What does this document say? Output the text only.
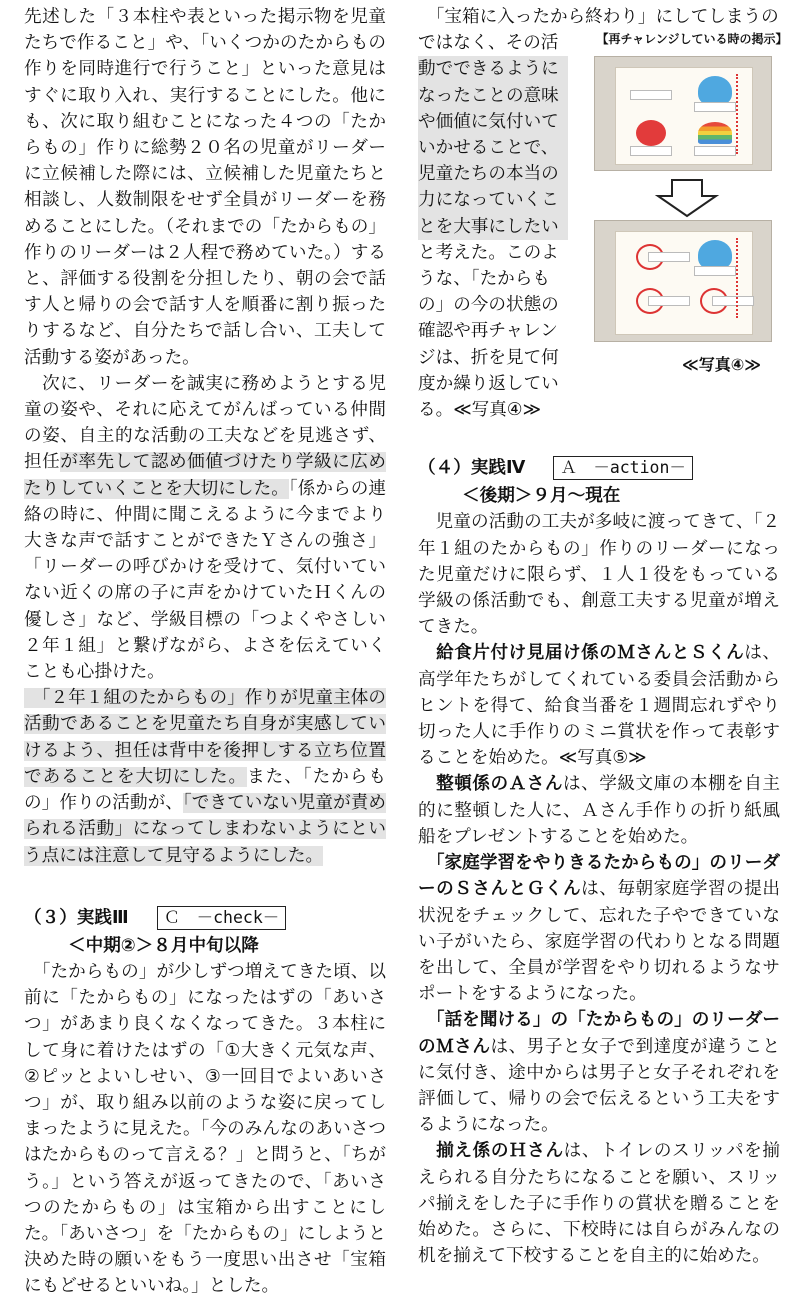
先述した「３本柱や表といった掲示物を児童たちで作ること」や、「いくつかのたからもの作りを同時進行で行うこと」といった意見はすぐに取り入れ、実行することにした。他にも、次に取り組むことになった４つの「たからもの」作りに総勢２０名の児童がリーダーに立候補した際には、立候補した児童たちと相談し、人数制限をせず全員がリーダーを務めることにした。（それまでの「たからもの」作りのリーダーは２人程で務めていた。）すると、評価する役割を分担したり、朝の会で話す人と帰りの会で話す人を順番に割り振ったりするなど、自分たちで話し合い、工夫して活動する姿があった。

　次に、リーダーを誠実に務めようとする児童の姿や、それに応えてがんばっている仲間の姿、自主的な活動の工夫などを見逃さず、担任が率先して認め価値づけたり学級に広めたりしていくことを大切にした。「係からの連絡の時に、仲間に聞こえるように今までより大きな声で話すことができたＹさんの強さ」「リーダーの呼びかけを受けて、気付いていない近くの席の子に声をかけていたＨくんの優しさ」など、学級目標の「つよくやさしい２年１組」と繋げながら、よさを伝えていくことも心掛けた。

　「２年１組のたからもの」作りが児童主体の活動であることを児童たち自身が実感していけるよう、担任は背中を後押しする立ち位置であることを大切にした。また、「たからもの」作りの活動が、「できていない児童が責められる活動」になってしまわないようにという点には注意して見守るようにした。

（３）実践Ⅲ	Ｃ　－check－

＜中期②＞８月中旬以降

　「たからもの」が少しずつ増えてきた頃、以前に「たからもの」になったはずの「あいさつ」があまり良くなくなってきた。３本柱にして身に着けたはずの「①大きく元気な声、②ピッとよいしせい、③一回目でよいあいさつ」が、取り組み以前のような姿に戻ってしまったように見えた。「今のみんなのあいさつはたからものって言える？」と問うと、「ちがう。」という答えが返ってきたので、「あいさつのたからもの」は宝箱から出すことにした。「あいさつ」を「たからもの」にしようと決めた時の願いをもう一度思い出させ「宝箱にもどせるといいね。」とした。

　「宝箱に入ったから終わり」にしてしまうの

ではなく、その活
動でできるように
なったことの意味
や価値に気付いて
いかせることで、
児童たちの本当の
力になっていくこ
とを大事にしたい
と考えた。このよ
うな、「たからも
の」の今の状態の
確認や再チャレン
ジは、折を見て何
度か繰り返してい
る。≪写真④≫
（４）実践Ⅳ	Ａ　－action－

＜後期＞９月～現在

　児童の活動の工夫が多岐に渡ってきて、「２年１組のたからもの」作りのリーダーになった児童だけに限らず、１人１役をもっている学級の係活動でも、創意工夫する児童が増えてきた。

　給食片付け見届け係のＭさんとＳくんは、高学年たちがしてくれている委員会活動からヒントを得て、給食当番を１週間忘れずやり切った人に手作りのミニ賞状を作って表彰することを始めた。≪写真⑤≫

　整頓係のＡさんは、学級文庫の本棚を自主的に整頓した人に、Ａさん手作りの折り紙風船をプレゼントすることを始めた。

　「家庭学習をやりきるたからもの」のリーダーのＳさんとＧくんは、毎朝家庭学習の提出状況をチェックして、忘れた子やできていない子がいたら、家庭学習の代わりとなる問題を出して、全員が学習をやり切れるようなサポートをするようになった。

　「話を聞ける」の「たからもの」のリーダーのＭさんは、男子と女子で到達度が違うことに気付き、途中からは男子と女子それぞれを評価して、帰りの会で伝えるという工夫をするようになった。

　揃え係のＨさんは、トイレのスリッパを揃えられる自分たちになることを願い、スリッパ揃えをした子に手作りの賞状を贈ることを始めた。さらに、下校時には自らがみんなの机を揃えて下校することを自主的に始めた。

【再チャレンジしている時の掲示】
≪写真④≫
